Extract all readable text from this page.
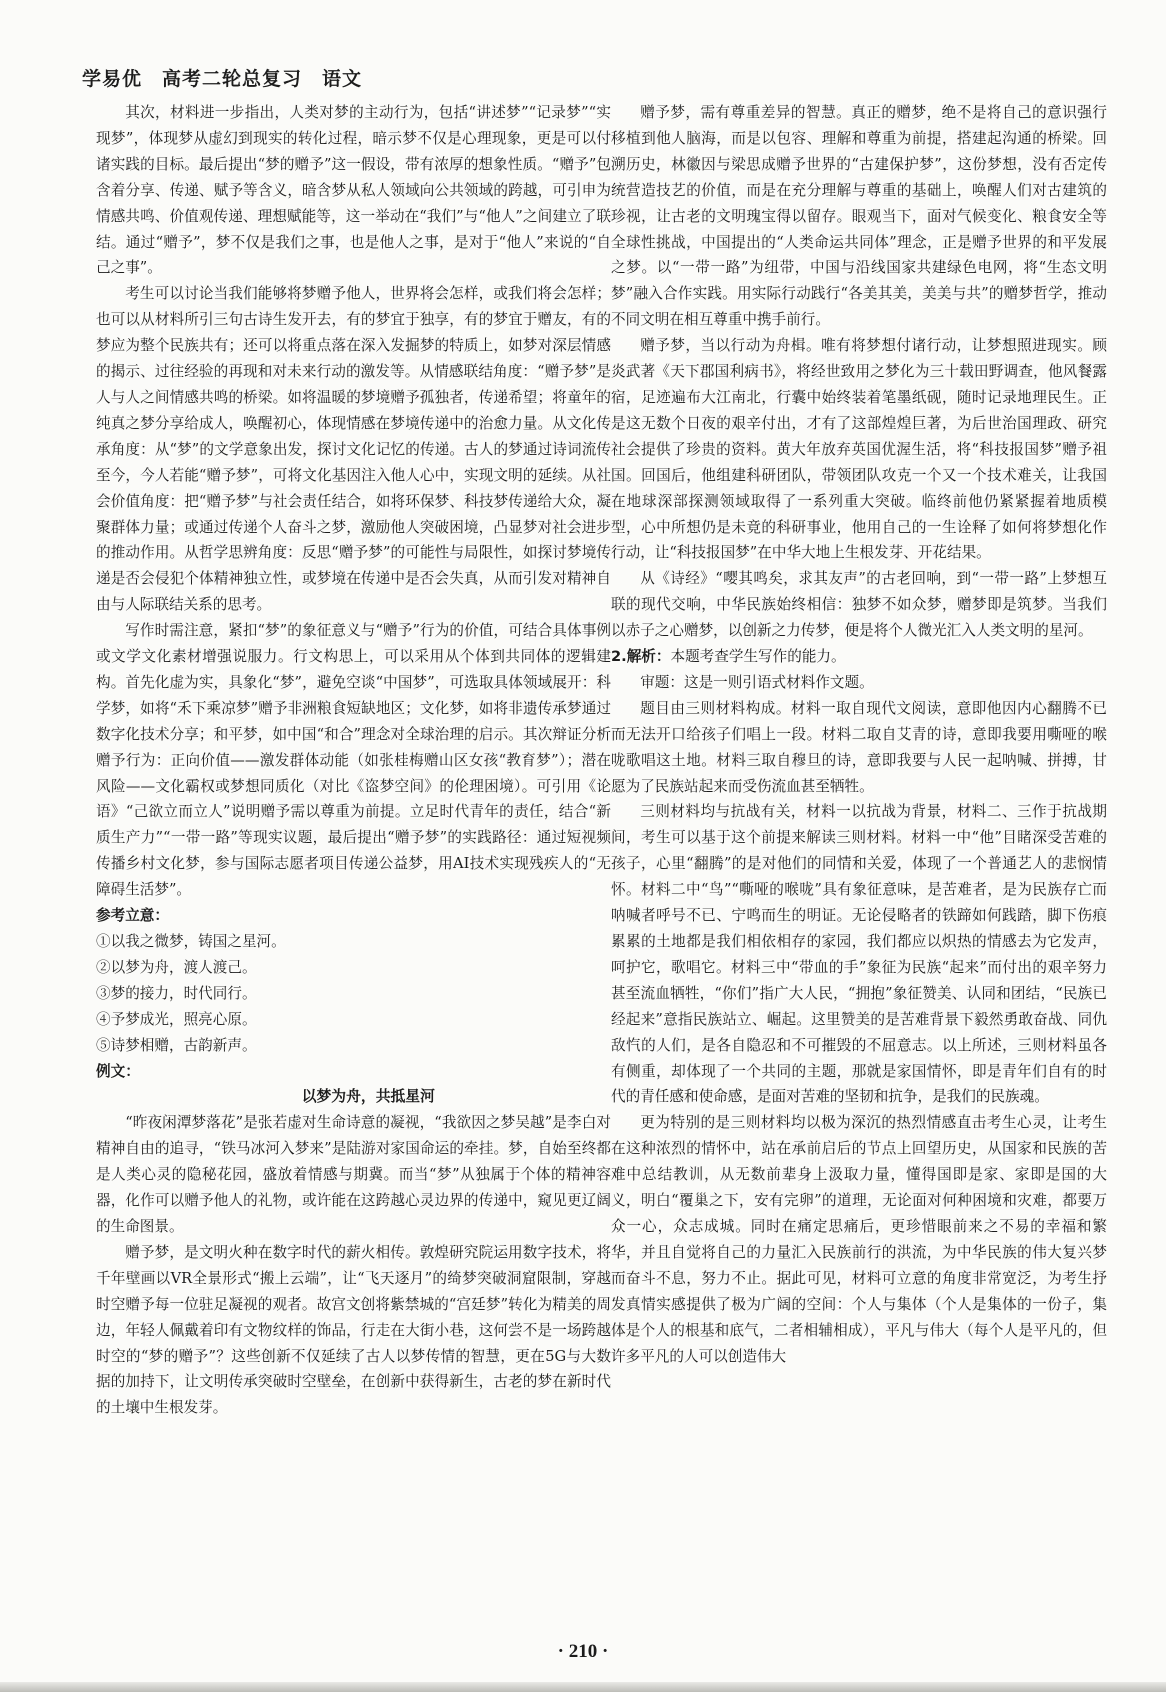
学易优　高考二轮总复习　语文

其次，材料进一步指出，人类对梦的主动行为，包括“讲述梦”“记录梦”“实现梦”，体现梦从虚幻到现实的转化过程，暗示梦不仅是心理现象，更是可以付诸实践的目标。最后提出“梦的赠予”这一假设，带有浓厚的想象性质。“赠予”包含着分享、传递、赋予等含义，暗含梦从私人领域向公共领域的跨越，可引申为情感共鸣、价值观传递、理想赋能等，这一举动在“我们”与“他人”之间建立了联结。通过“赠予”，梦不仅是我们之事，也是他人之事，是对于“他人”来说的“自己之事”。

考生可以讨论当我们能够将梦赠予他人，世界将会怎样，或我们将会怎样；也可以从材料所引三句古诗生发开去，有的梦宜于独享，有的梦宜于赠友，有的梦应为整个民族共有；还可以将重点落在深入发掘梦的特质上，如梦对深层情感的揭示、过往经验的再现和对未来行动的激发等。从情感联结角度：“赠予梦”是人与人之间情感共鸣的桥梁。如将温暖的梦境赠予孤独者，传递希望；将童年的纯真之梦分享给成人，唤醒初心，体现情感在梦境传递中的治愈力量。从文化传承角度：从“梦”的文学意象出发，探讨文化记忆的传递。古人的梦通过诗词流传至今，今人若能“赠予梦”，可将文化基因注入他人心中，实现文明的延续。从社会价值角度：把“赠予梦”与社会责任结合，如将环保梦、科技梦传递给大众，凝聚群体力量；或通过传递个人奋斗之梦，激励他人突破困境，凸显梦对社会进步的推动作用。从哲学思辨角度：反思“赠予梦”的可能性与局限性，如探讨梦境传递是否会侵犯个体精神独立性，或梦境在传递中是否会失真，从而引发对精神自由与人际联结关系的思考。

写作时需注意，紧扣“梦”的象征意义与“赠予”行为的价值，可结合具体事例或文学文化素材增强说服力。行文构思上，可以采用从个体到共同体的逻辑建构。首先化虚为实，具象化“梦”，避免空谈“中国梦”，可选取具体领域展开：科学梦，如将“禾下乘凉梦”赠予非洲粮食短缺地区；文化梦，如将非遗传承梦通过数字化技术分享；和平梦，如中国“和合”理念对全球治理的启示。其次辩证分析赠予行为：正向价值——激发群体动能（如张桂梅赠山区女孩“教育梦”）；潜在风险——文化霸权或梦想同质化（对比《盗梦空间》的伦理困境）。可引用《论语》“己欲立而立人”说明赠予需以尊重为前提。立足时代青年的责任，结合“新质生产力”“一带一路”等现实议题，最后提出“赠予梦”的实践路径：通过短视频传播乡村文化梦，参与国际志愿者项目传递公益梦，用AI技术实现残疾人的“无障碍生活梦”。

参考立意：

①以我之微梦，铸国之星河。

②以梦为舟，渡人渡己。

③梦的接力，时代同行。

④予梦成光，照亮心原。

⑤诗梦相赠，古韵新声。

例文：

以梦为舟，共抵星河

“昨夜闲潭梦落花”是张若虚对生命诗意的凝视，“我欲因之梦吴越”是李白对精神自由的追寻，“铁马冰河入梦来”是陆游对家国命运的牵挂。梦，自始至终都是人类心灵的隐秘花园，盛放着情感与期冀。而当“梦”从独属于个体的精神容器，化作可以赠予他人的礼物，或许能在这跨越心灵边界的传递中，窥见更辽阔的生命图景。

赠予梦，是文明火种在数字时代的薪火相传。敦煌研究院运用数字技术，将千年壁画以VR全景形式“搬上云端”，让“飞天逐月”的绮梦突破洞窟限制，穿越时空赠予每一位驻足凝视的观者。故宫文创将紫禁城的“宫廷梦”转化为精美的周边，年轻人佩戴着印有文物纹样的饰品，行走在大街小巷，这何尝不是一场跨越时空的“梦的赠予”？这些创新不仅延续了古人以梦传情的智慧，更在5G与大数据的加持下，让文明传承突破时空壁垒，在创新中获得新生，古老的梦在新时代的土壤中生根发芽。

赠予梦，需有尊重差异的智慧。真正的赠梦，绝不是将自己的意识强行移植到他人脑海，而是以包容、理解和尊重为前提，搭建起沟通的桥梁。回溯历史，林徽因与梁思成赠予世界的“古建保护梦”，这份梦想，没有否定传统营造技艺的价值，而是在充分理解与尊重的基础上，唤醒人们对古建筑的珍视，让古老的文明瑰宝得以留存。眼观当下，面对气候变化、粮食安全等全球性挑战，中国提出的“人类命运共同体”理念，正是赠予世界的和平发展之梦。以“一带一路”为纽带，中国与沿线国家共建绿色电网，将“生态文明梦”融入合作实践。用实际行动践行“各美其美，美美与共”的赠梦哲学，推动不同文明在相互尊重中携手前行。

赠予梦，当以行动为舟楫。唯有将梦想付诸行动，让梦想照进现实。顾炎武著《天下郡国利病书》，将经世致用之梦化为三十载田野调查，他风餐露宿，足迹遍布大江南北，行囊中始终装着笔墨纸砚，随时记录地理民生。正是这无数个日夜的艰辛付出，才有了这部煌煌巨著，为后世治国理政、研究社会提供了珍贵的资料。黄大年放弃英国优渥生活，将“科技报国梦”赠予祖国。回国后，他组建科研团队，带领团队攻克一个又一个技术难关，让我国在地球深部探测领域取得了一系列重大突破。临终前他仍紧紧握着地质模型，心中所想仍是未竟的科研事业，他用自己的一生诠释了如何将梦想化作行动，让“科技报国梦”在中华大地上生根发芽、开花结果。

从《诗经》“嘤其鸣矣，求其友声”的古老回响，到“一带一路”上梦想互联的现代交响，中华民族始终相信：独梦不如众梦，赠梦即是筑梦。当我们以赤子之心赠梦，以创新之力传梦，便是将个人微光汇入人类文明的星河。

2.解析：本题考查学生写作的能力。

审题：这是一则引语式材料作文题。

题目由三则材料构成。材料一取自现代文阅读，意即他因内心翻腾不已而无法开口给孩子们唱上一段。材料二取自艾青的诗，意即我要用嘶哑的喉咙歌唱这土地。材料三取自穆旦的诗，意即我要与人民一起呐喊、拼搏，甘愿为了民族站起来而受伤流血甚至牺牲。

三则材料均与抗战有关，材料一以抗战为背景，材料二、三作于抗战期间，考生可以基于这个前提来解读三则材料。材料一中“他”目睹深受苦难的孩子，心里“翻腾”的是对他们的同情和关爱，体现了一个普通艺人的悲悯情怀。材料二中“鸟”“嘶哑的喉咙”具有象征意味，是苦难者，是为民族存亡而呐喊者呼号不已、宁鸣而生的明证。无论侵略者的铁蹄如何践踏，脚下伤痕累累的土地都是我们相依相存的家园，我们都应以炽热的情感去为它发声，呵护它，歌唱它。材料三中“带血的手”象征为民族“起来”而付出的艰辛努力甚至流血牺牲，“你们”指广大人民，“拥抱”象征赞美、认同和团结，“民族已经起来”意指民族站立、崛起。这里赞美的是苦难背景下毅然勇敢奋战、同仇敌忾的人们，是各自隐忍和不可摧毁的不屈意志。以上所述，三则材料虽各有侧重，却体现了一个共同的主题，那就是家国情怀，即是青年们自有的时代的青任感和使命感，是面对苦难的坚韧和抗争，是我们的民族魂。

更为特别的是三则材料均以极为深沉的热烈情感直击考生心灵，让考生在这种浓烈的情怀中，站在承前启后的节点上回望历史，从国家和民族的苦难中总结教训，从无数前辈身上汲取力量，懂得国即是家、家即是国的大义，明白“覆巢之下，安有完卵”的道理，无论面对何种困境和灾难，都要万众一心，众志成城。同时在痛定思痛后，更珍惜眼前来之不易的幸福和繁华，并且自觉将自己的力量汇入民族前行的洪流，为中华民族的伟大复兴梦而奋斗不息，努力不止。据此可见，材料可立意的角度非常宽泛，为考生抒发真情实感提供了极为广阔的空间：个人与集体（个人是集体的一份子，集体是个人的根基和底气，二者相辅相成），平凡与伟大（每个人是平凡的，但许多平凡的人可以创造伟大

· 210 ·
